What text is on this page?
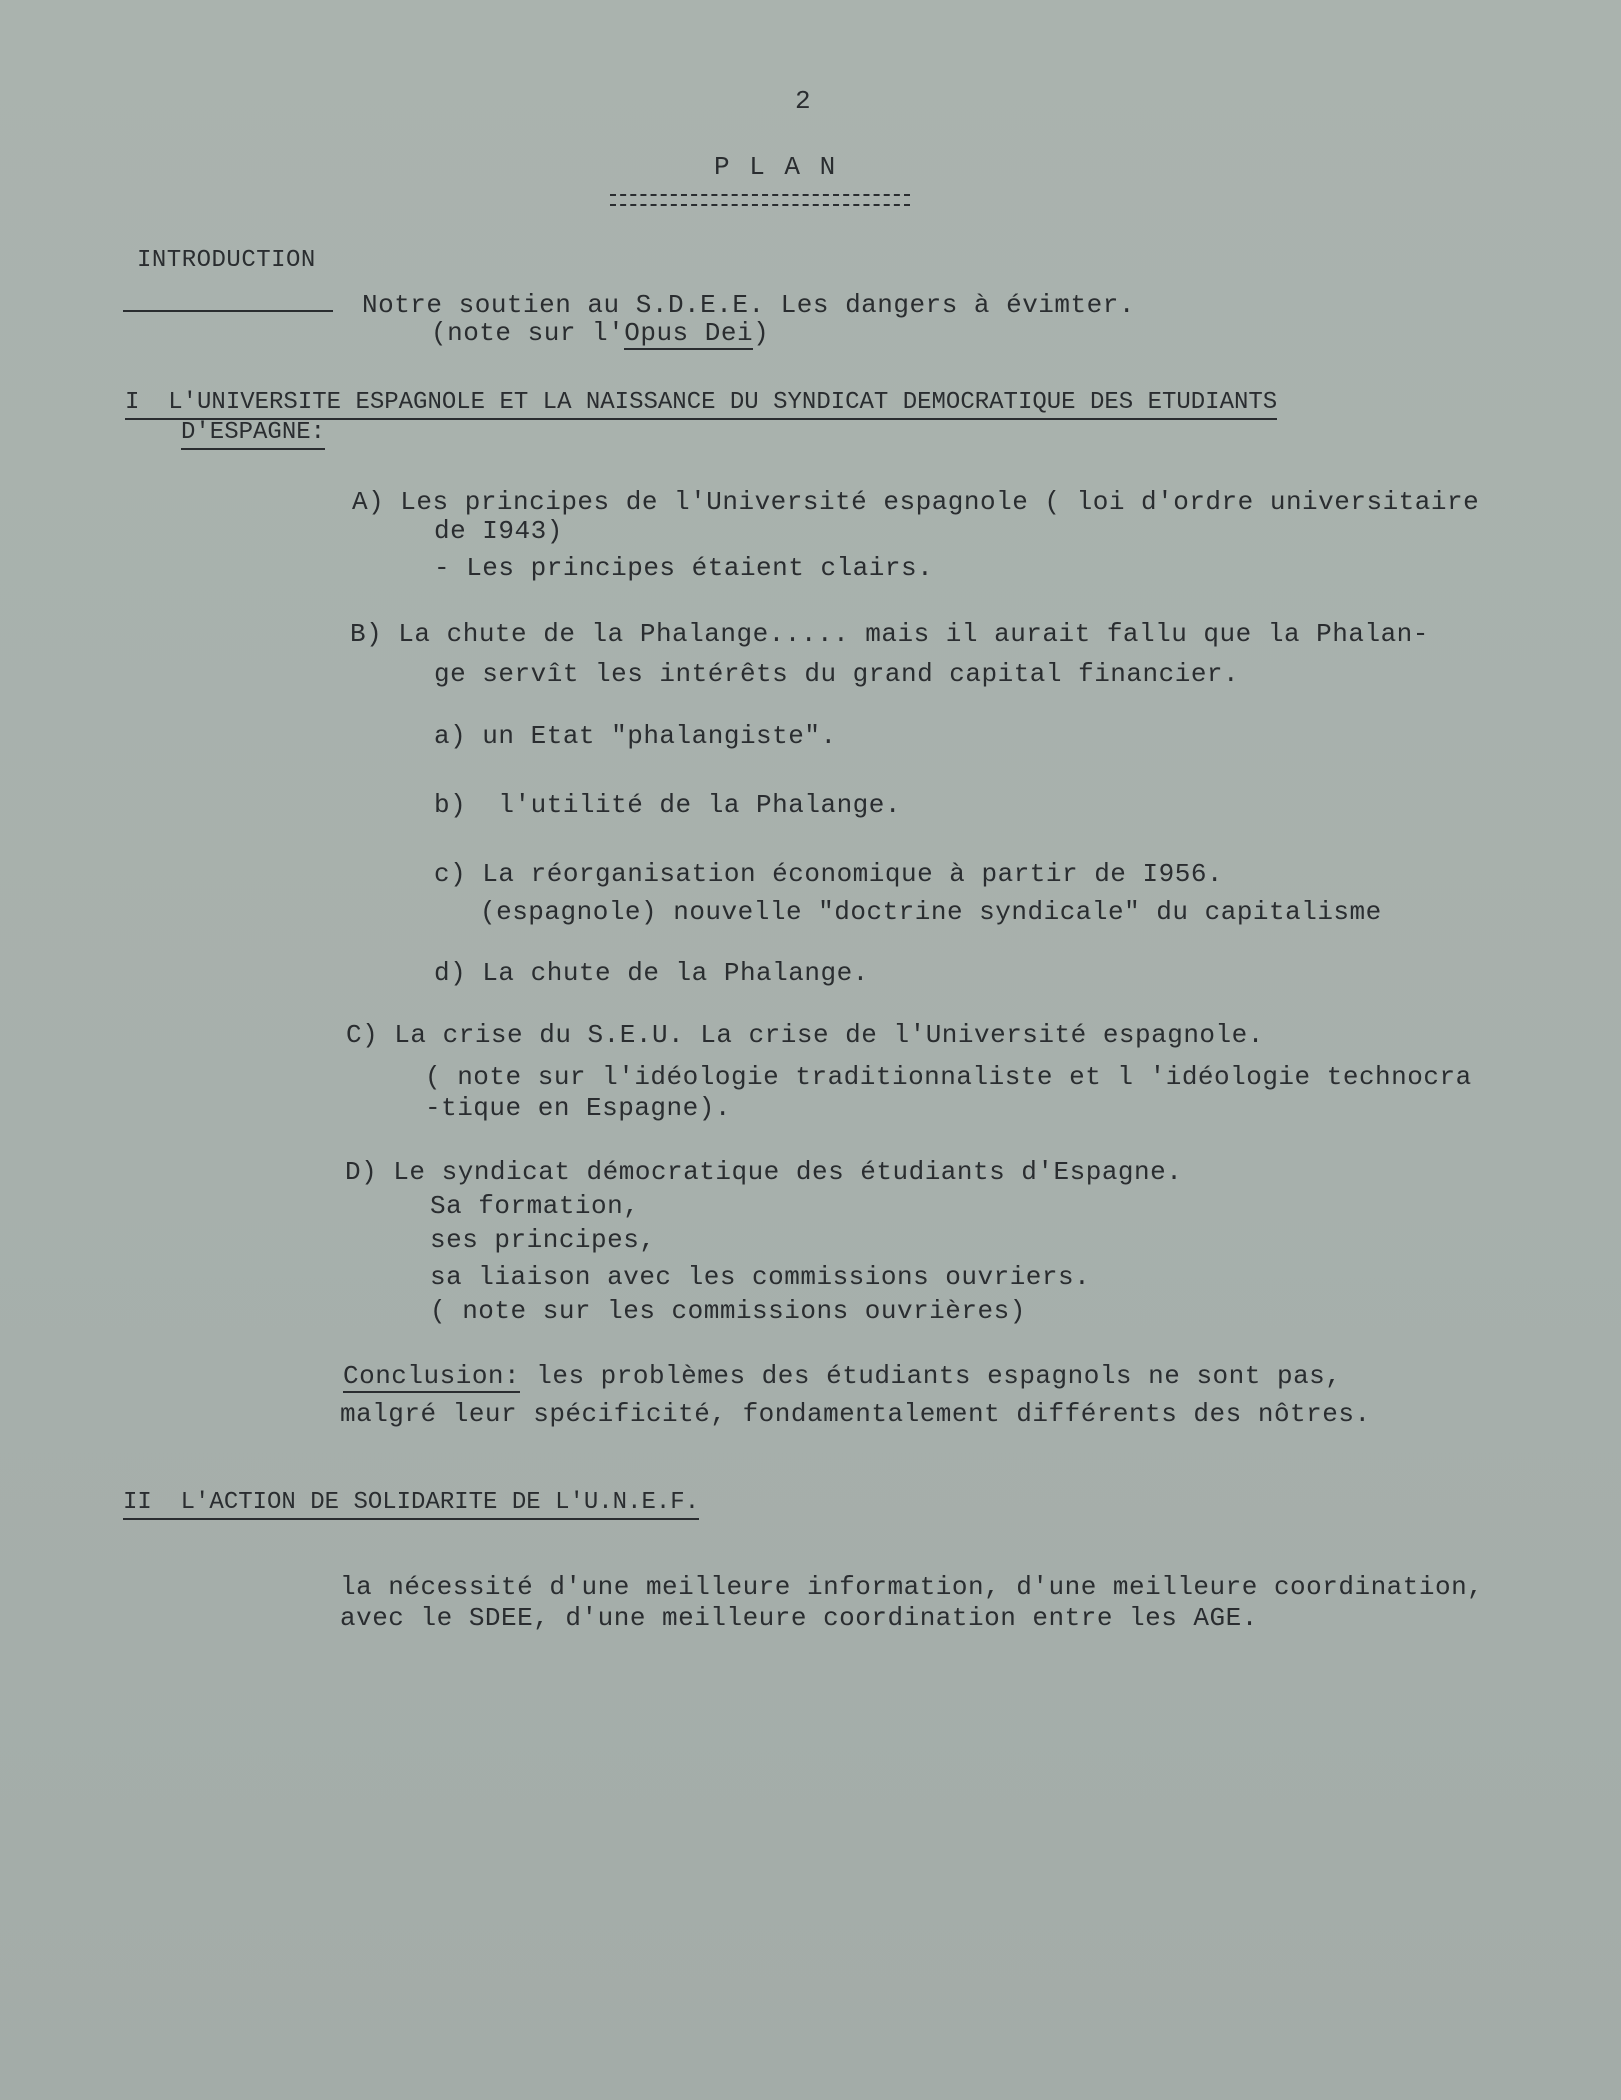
2
P L A N
INTRODUCTION
Notre soutien au S.D.E.E. Les dangers à évimter.
(note sur l'Opus Dei)
I  L'UNIVERSITE ESPAGNOLE ET LA NAISSANCE DU SYNDICAT DEMOCRATIQUE DES ETUDIANTS
D'ESPAGNE:
A) Les principes de l'Université espagnole ( loi d'ordre universitaire
de I943)
- Les principes étaient clairs.
B) La chute de la Phalange..... mais il aurait fallu que la Phalan-
ge servît les intérêts du grand capital financier.
a) un Etat "phalangiste".
b)  l'utilité de la Phalange.
c) La réorganisation économique à partir de I956.
(espagnole) nouvelle "doctrine syndicale" du capitalisme
d) La chute de la Phalange.
C) La crise du S.E.U. La crise de l'Université espagnole.
( note sur l'idéologie traditionnaliste et l 'idéologie technocra
-tique en Espagne).
D) Le syndicat démocratique des étudiants d'Espagne.
Sa formation,
ses principes,
sa liaison avec les commissions ouvriers.
( note sur les commissions ouvrières)
Conclusion: les problèmes des étudiants espagnols ne sont pas,
malgré leur spécificité, fondamentalement différents des nôtres.
II  L'ACTION DE SOLIDARITE DE L'U.N.E.F.
la nécessité d'une meilleure information, d'une meilleure coordination,
avec le SDEE, d'une meilleure coordination entre les AGE.
